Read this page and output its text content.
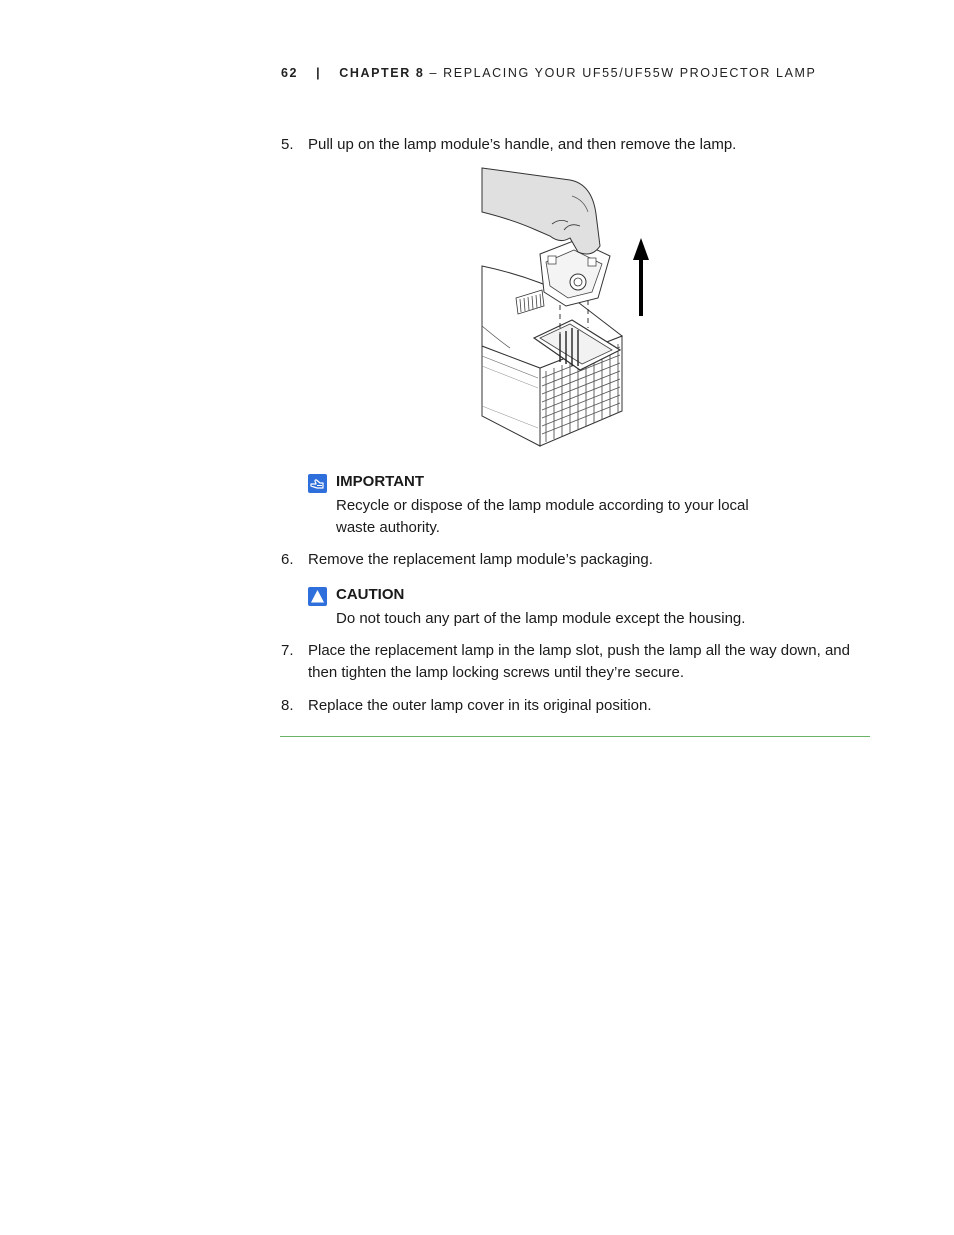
62 | CHAPTER 8 – REPLACING YOUR UF55/UF55W PROJECTOR LAMP
5. Pull up on the lamp module’s handle, and then remove the lamp.
IMPORTANT
Recycle or dispose of the lamp module according to your local waste authority.
6. Remove the replacement lamp module’s packaging.
CAUTION
Do not touch any part of the lamp module except the housing.
7. Place the replacement lamp in the lamp slot, push the lamp all the way down, and then tighten the lamp locking screws until they’re secure.
8. Replace the outer lamp cover in its original position.
